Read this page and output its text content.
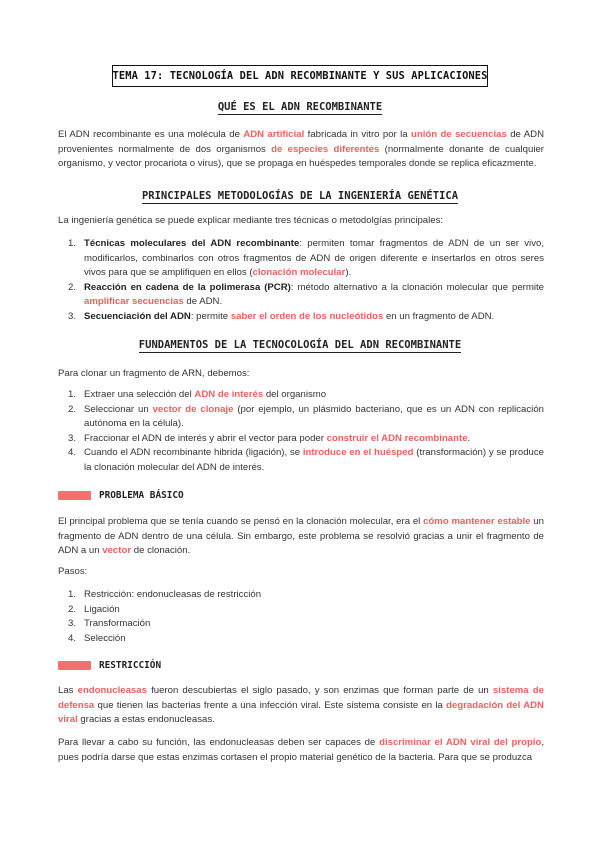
TEMA 17: TECNOLOGÍA DEL ADN RECOMBINANTE Y SUS APLICACIONES
QUÉ ES EL ADN RECOMBINANTE
El ADN recombinante es una molécula de ADN artificial fabricada in vitro por la unión de secuencias de ADN provenientes normalmente de dos organismos de especies diferentes (normalmente donante de cualquier organismo, y vector procariota o virus), que se propaga en huéspedes temporales donde se replica eficazmente.
PRINCIPALES METODOLOGÍAS DE LA INGENIERÍA GENÉTICA
La ingeniería genética se puede explicar mediante tres técnicas o metodolgías principales:
1. Técnicas moleculares del ADN recombinante: permiten tomar fragmentos de ADN de un ser vivo, modificarlos, combinarlos con otros fragmentos de ADN de origen diferente e insertarlos en otros seres vivos para que se amplifiquen en ellos (clonación molecular).
2. Reacción en cadena de la polimerasa (PCR): método alternativo a la clonación molecular que permite amplificar secuencias de ADN.
3. Secuenciación del ADN: permite saber el orden de los nucleótidos en un fragmento de ADN.
FUNDAMENTOS DE LA TECNOCOLOGÍA DEL ADN RECOMBINANTE
Para clonar un fragmento de ARN, debemos:
1. Extraer una selección del ADN de interés del organismo
2. Seleccionar un vector de clonaje (por ejemplo, un plásmido bacteriano, que es un ADN con replicación autónoma en la célula).
3. Fraccionar el ADN de interés y abrir el vector para poder construir el ADN recombinante.
4. Cuando el ADN recombinante hibrida (ligación), se introduce en el huésped (transformación) y se produce la clonación molecular del ADN de interés.
PROBLEMA BÁSICO
El principal problema que se tenía cuando se pensó en la clonación molecular, era el cómo mantener estable un fragmento de ADN dentro de una célula. Sin embargo, este problema se resolvió gracias a unir el fragmento de ADN a un vector de clonación.
Pasos:
1. Restricción: endonucleasas de restricción
2. Ligación
3. Transformación
4. Selección
RESTRICCIÓN
Las endonucleasas fueron descubiertas el siglo pasado, y son enzimas que forman parte de un sistema de defensa que tienen las bacterias frente a una infección viral. Este sistema consiste en la degradación del ADN viral gracias a estas endonucleasas.
Para llevar a cabo su función, las endonucleasas deben ser capaces de discriminar el ADN viral del propio, pues podría darse que estas enzimas cortasen el propio material genético de la bacteria. Para que se produzca
